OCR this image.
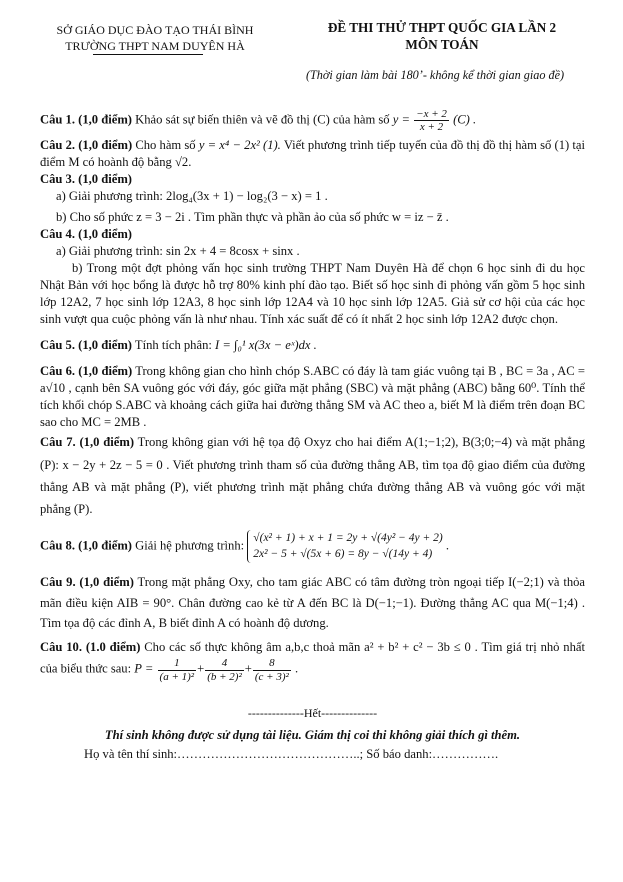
SỞ GIÁO DỤC ĐÀO TẠO THÁI BÌNH
TRƯỜNG THPT NAM DUYÊN HÀ
ĐỀ THI THỬ THPT QUỐC GIA LẦN 2
MÔN TOÁN
(Thời gian làm bài 180’- không kể thời gian giao đề)

Câu 1. (1,0 điểm) Khảo sát sự biến thiên và vẽ đồ thị (C) của hàm số $y = \frac{-x + 2}{x + 2} (C)$ .

Câu 2. (1,0 điểm) Cho hàm số y = x⁴ − 2x² (1). Viết phương trình tiếp tuyến của đồ thị đồ thị hàm số (1) tại điểm M có hoành độ bằng √2.

Câu 3. (1,0 điểm)

a) Giải phương trình: 2log₄(3x + 1) − log₂(3 − x) = 1 .

b) Cho số phức z = 3 − 2i . Tìm phần thực và phần ảo của số phức w = iz − z̄ .

Câu 4. (1,0 điểm)

a) Giải phương trình: sin 2x + 4 = 8cosx + sinx .

b) Trong một đợt phỏng vấn học sinh trường THPT Nam Duyên Hà để chọn 6 học sinh đi du học Nhật Bản với học bổng là được hỗ trợ 80% kinh phí đào tạo. Biết số học sinh đi phỏng vấn gồm 5 học sinh lớp 12A2, 7 học sinh lớp 12A3, 8 học sinh lớp 12A4 và 10 học sinh lớp 12A5. Giả sử cơ hội của các học sinh vượt qua cuộc phỏng vấn là như nhau. Tính xác suất để có ít nhất 2 học sinh lớp 12A2 được chọn.

Câu 5. (1,0 điểm) Tính tích phân: I = ∫₀¹ x(3x − eˣ)dx .

Câu 6. (1,0 điểm) Trong không gian cho hình chóp S.ABC có đáy là tam giác vuông tại B , BC = 3a , AC = a√10 , cạnh bên SA vuông góc với đáy, góc giữa mặt phẳng (SBC) và mặt phẳng (ABC) bằng 60⁰. Tính thể tích khối chóp S.ABC và khoảng cách giữa hai đường thẳng SM và AC theo a, biết M là điểm trên đoạn BC sao cho MC = 2MB .

Câu 7. (1,0 điểm) Trong không gian với hệ tọa độ Oxyz cho hai điểm A(1;−1;2), B(3;0;−4) và mặt phẳng (P): x − 2y + 2z − 5 = 0 . Viết phương trình tham số của đường thẳng AB, tìm tọa độ giao điểm của đường thẳng AB và mặt phẳng (P), viết phương trình mặt phẳng chứa đường thẳng AB và vuông góc với mặt phẳng (P).

Câu 8. (1,0 điểm) Giải hệ phương trình:
√(x² + 1) + x + 1 = 2y + √(4y² − 4y + 2)
2x² − 5 + √(5x + 6) = 8y − √(14y + 4)
.

Câu 9. (1,0 điểm) Trong mặt phẳng Oxy, cho tam giác ABC có tâm đường tròn ngoại tiếp I(−2;1) và thỏa mãn điều kiện AIB = 90°. Chân đường cao kẻ từ A đến BC là D(−1;−1). Đường thẳng AC qua M(−1;4) . Tìm tọa độ các đỉnh A, B biết đỉnh A có hoành độ dương.

Câu 10. (1.0 điểm) Cho các số thực không âm a,b,c thoả mãn a² + b² + c² − 3b ≤ 0 . Tìm giá trị nhỏ nhất của biểu thức sau: $P = \frac{1}{\text{(a + 1)²}} + \frac{4}{\text{(b + 2)²}} + \frac{8}{\text{(c + 3)²}}$ .

--------------Hết--------------
Thí sinh không được sử dụng tài liệu. Giám thị coi thi không giải thích gì thêm.
Họ và tên thí sinh:……………………………………..; Số báo danh:…………….
